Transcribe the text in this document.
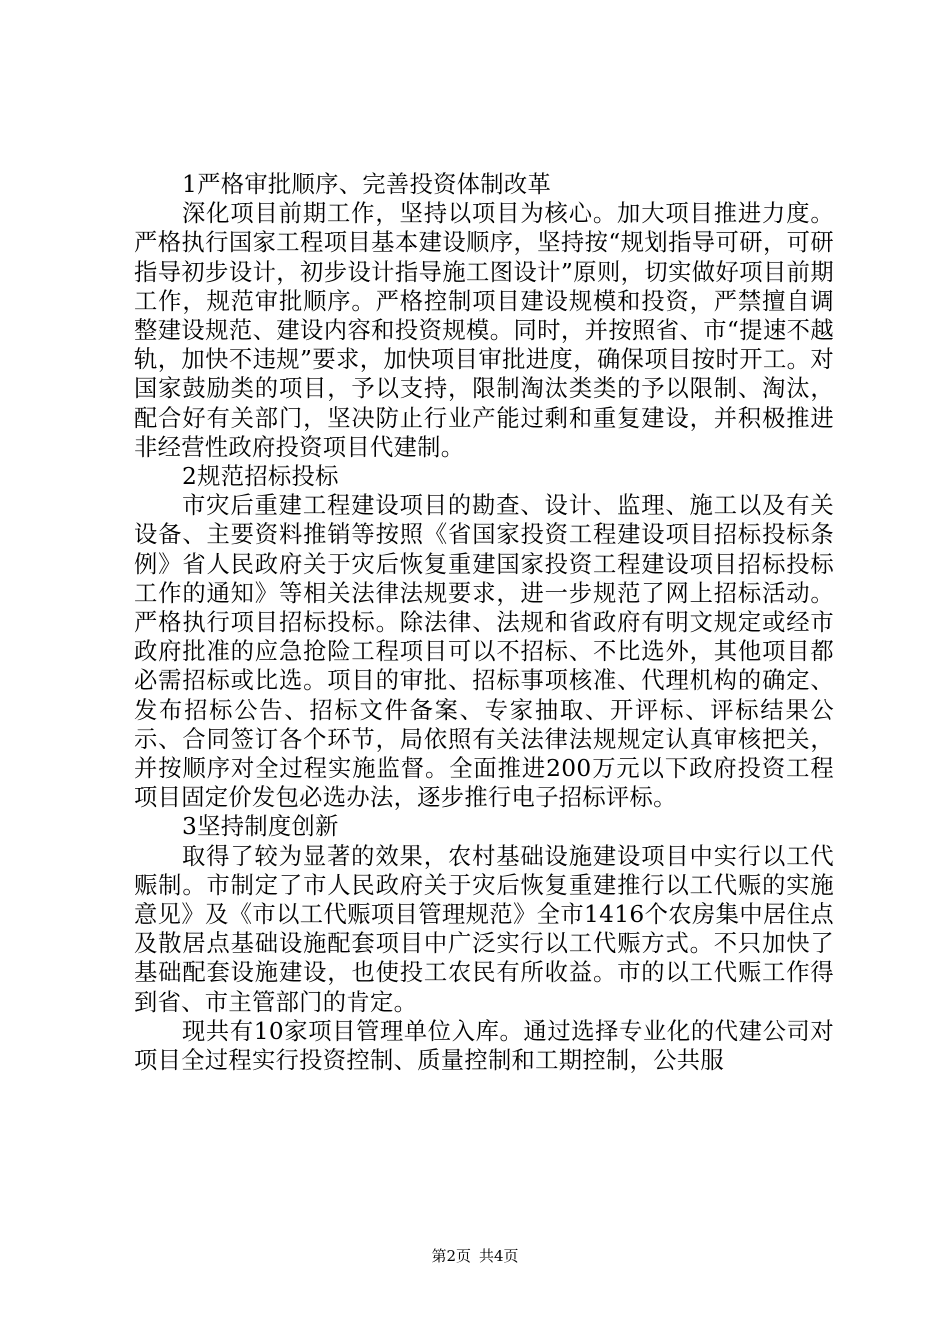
1严格审批顺序、完善投资体制改革

深化项目前期工作，坚持以项目为核心。加大项目推进力度。严格执行国家工程项目基本建设顺序，坚持按“规划指导可研，可研指导初步设计，初步设计指导施工图设计”原则，切实做好项目前期工作，规范审批顺序。严格控制项目建设规模和投资，严禁擅自调整建设规范、建设内容和投资规模。同时，并按照省、市“提速不越轨，加快不违规”要求，加快项目审批进度，确保项目按时开工。对国家鼓励类的项目，予以支持，限制淘汰类类的予以限制、淘汰，配合好有关部门，坚决防止行业产能过剩和重复建设，并积极推进非经营性政府投资项目代建制。

2规范招标投标

市灾后重建工程建设项目的勘查、设计、监理、施工以及有关设备、主要资料推销等按照《省国家投资工程建设项目招标投标条例》省人民政府关于灾后恢复重建国家投资工程建设项目招标投标工作的通知》等相关法律法规要求，进一步规范了网上招标活动。严格执行项目招标投标。除法律、法规和省政府有明文规定或经市政府批准的应急抢险工程项目可以不招标、不比选外，其他项目都必需招标或比选。项目的审批、招标事项核准、代理机构的确定、发布招标公告、招标文件备案、专家抽取、开评标、评标结果公示、合同签订各个环节，局依照有关法律法规规定认真审核把关，并按顺序对全过程实施监督。全面推进200万元以下政府投资工程项目固定价发包必选办法，逐步推行电子招标评标。

3坚持制度创新

取得了较为显著的效果，农村基础设施建设项目中实行以工代赈制。市制定了市人民政府关于灾后恢复重建推行以工代赈的实施意见》及《市以工代赈项目管理规范》全市1416个农房集中居住点及散居点基础设施配套项目中广泛实行以工代赈方式。不只加快了基础配套设施建设，也使投工农民有所收益。市的以工代赈工作得到省、市主管部门的肯定。

现共有10家项目管理单位入库。通过选择专业化的代建公司对项目全过程实行投资控制、质量控制和工期控制，公共服

第2页 共4页
